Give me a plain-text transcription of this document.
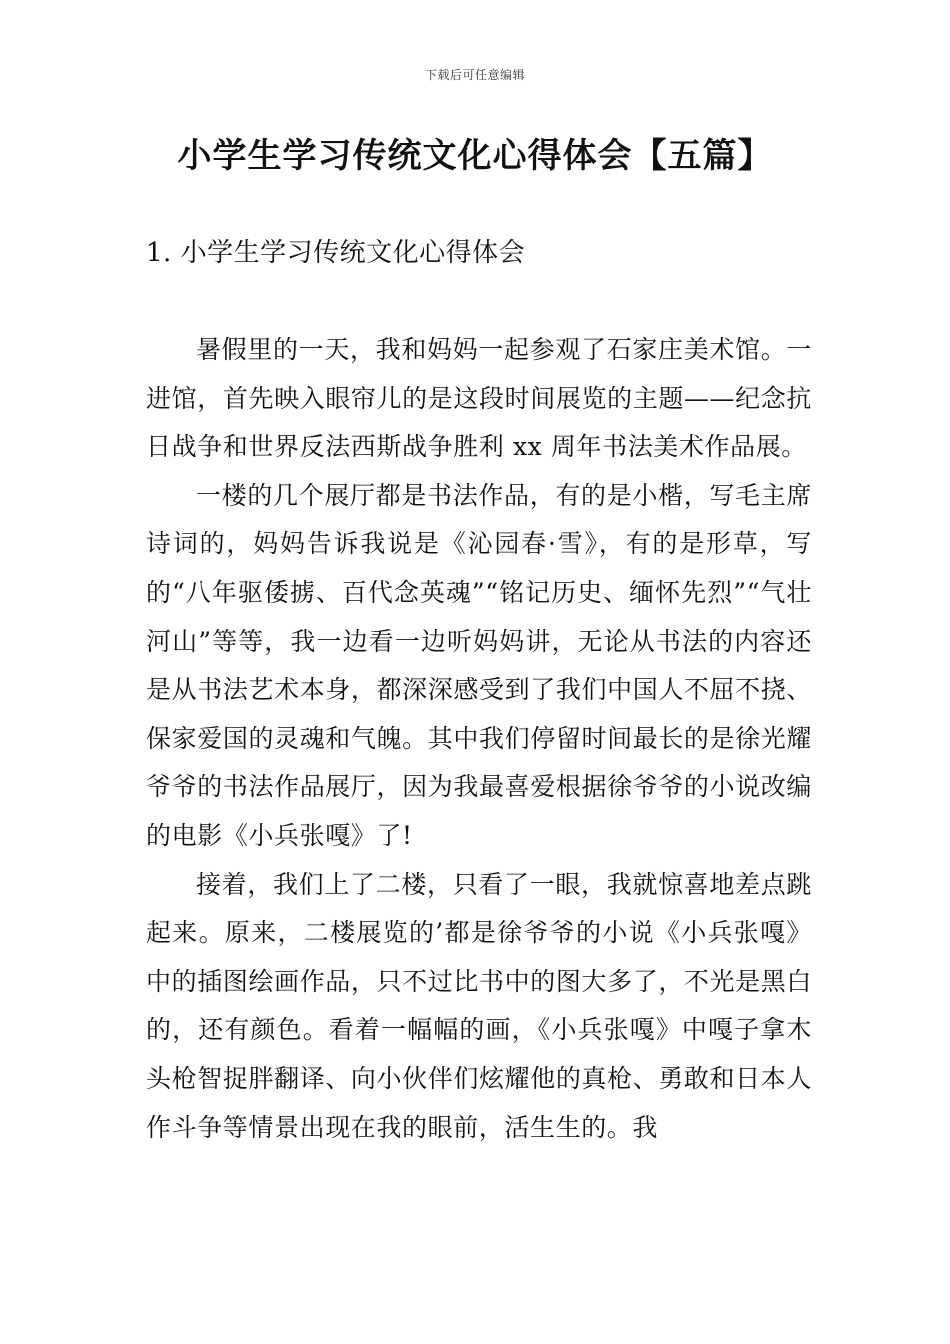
下载后可任意编辑
小学生学习传统文化心得体会【五篇】
1. 小学生学习传统文化心得体会

暑假里的一天，我和妈妈一起参观了石家庄美术馆。一进馆，首先映入眼帘儿的是这段时间展览的主题——纪念抗日战争和世界反法西斯战争胜利 xx 周年书法美术作品展。

一楼的几个展厅都是书法作品，有的是小楷，写毛主席诗词的，妈妈告诉我说是《沁园春·雪》，有的是形草，写的“八年驱倭掳、百代念英魂”“铭记历史、缅怀先烈”“气壮河山”等等，我一边看一边听妈妈讲，无论从书法的内容还是从书法艺术本身，都深深感受到了我们中国人不屈不挠、保家爱国的灵魂和气魄。其中我们停留时间最长的是徐光耀爷爷的书法作品展厅，因为我最喜爱根据徐爷爷的小说改编的电影《小兵张嘎》了!

接着，我们上了二楼，只看了一眼，我就惊喜地差点跳起来。原来，二楼展览的’都是徐爷爷的小说《小兵张嘎》中的插图绘画作品，只不过比书中的图大多了，不光是黑白的，还有颜色。看着一幅幅的画，《小兵张嘎》中嘎子拿木头枪智捉胖翻译、向小伙伴们炫耀他的真枪、勇敢和日本人作斗争等情景出现在我的眼前，活生生的。我
